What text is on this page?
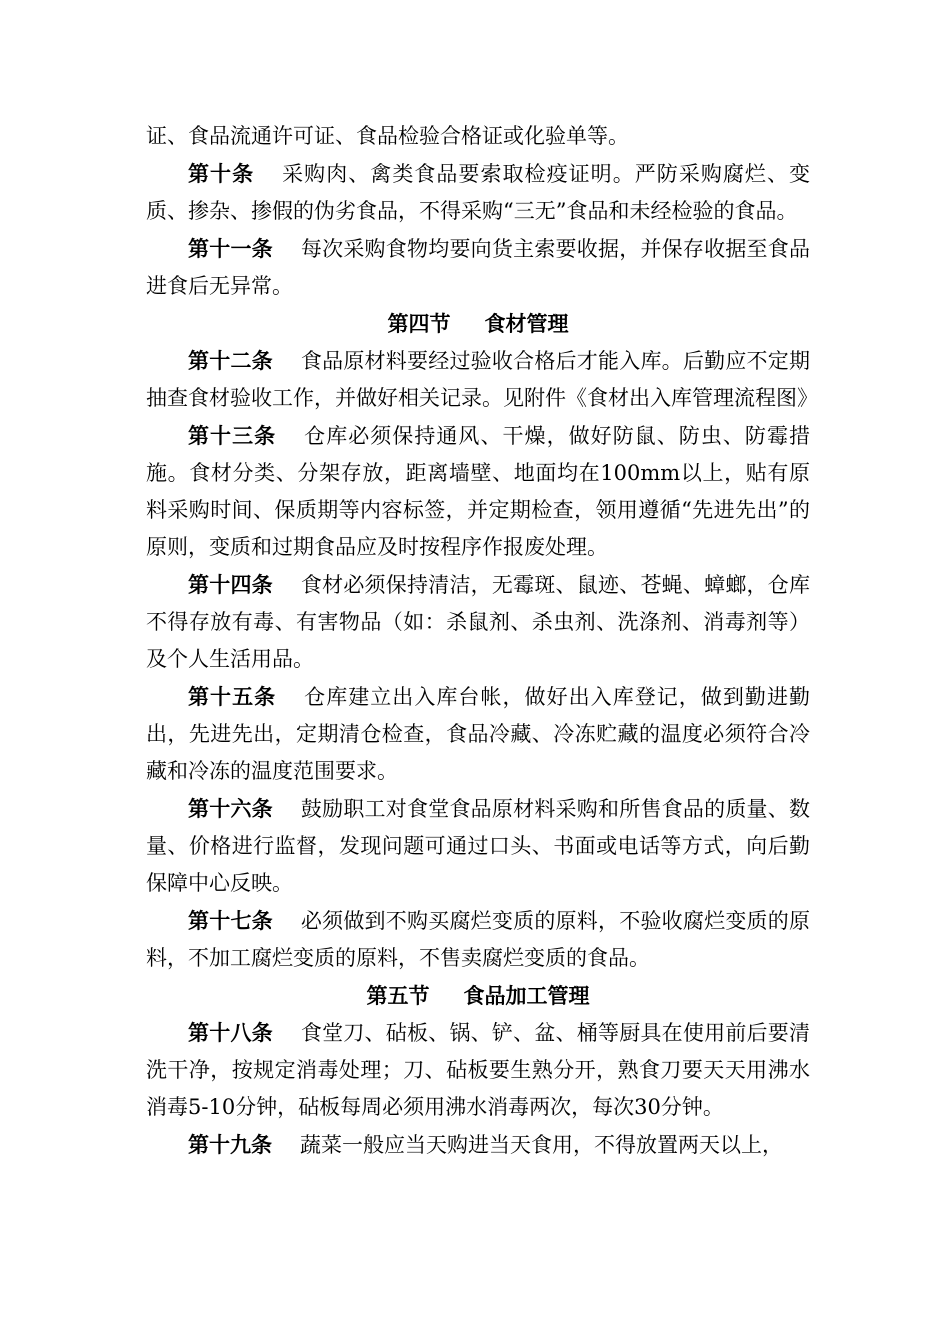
证、食品流通许可证、食品检验合格证或化验单等。

第十条 采购肉、禽类食品要索取检疫证明。严防采购腐烂、变质、掺杂、掺假的伪劣食品，不得采购“三无”食品和未经检验的食品。

第十一条 每次采购食物均要向货主索要收据，并保存收据至食品进食后无异常。

第四节 食材管理

第十二条 食品原材料要经过验收合格后才能入库。后勤应不定期抽查食材验收工作，并做好相关记录。见附件《食材出入库管理流程图》

第十三条 仓库必须保持通风、干燥，做好防鼠、防虫、防霉措施。食材分类、分架存放，距离墙壁、地面均在100mm以上，贴有原料采购时间、保质期等内容标签，并定期检查，领用遵循“先进先出”的原则，变质和过期食品应及时按程序作报废处理。

第十四条 食材必须保持清洁，无霉斑、鼠迹、苍蝇、蟑螂，仓库不得存放有毒、有害物品（如：杀鼠剂、杀虫剂、洗涤剂、消毒剂等）及个人生活用品。

第十五条 仓库建立出入库台帐，做好出入库登记，做到勤进勤出，先进先出，定期清仓检查，食品冷藏、冷冻贮藏的温度必须符合冷藏和冷冻的温度范围要求。

第十六条 鼓励职工对食堂食品原材料采购和所售食品的质量、数量、价格进行监督，发现问题可通过口头、书面或电话等方式，向后勤保障中心反映。

第十七条 必须做到不购买腐烂变质的原料，不验收腐烂变质的原料，不加工腐烂变质的原料，不售卖腐烂变质的食品。

第五节 食品加工管理

第十八条 食堂刀、砧板、锅、铲、盆、桶等厨具在使用前后要清洗干净，按规定消毒处理；刀、砧板要生熟分开，熟食刀要天天用沸水消毒5-10分钟，砧板每周必须用沸水消毒两次，每次30分钟。

第十九条 蔬菜一般应当天购进当天食用，不得放置两天以上，
